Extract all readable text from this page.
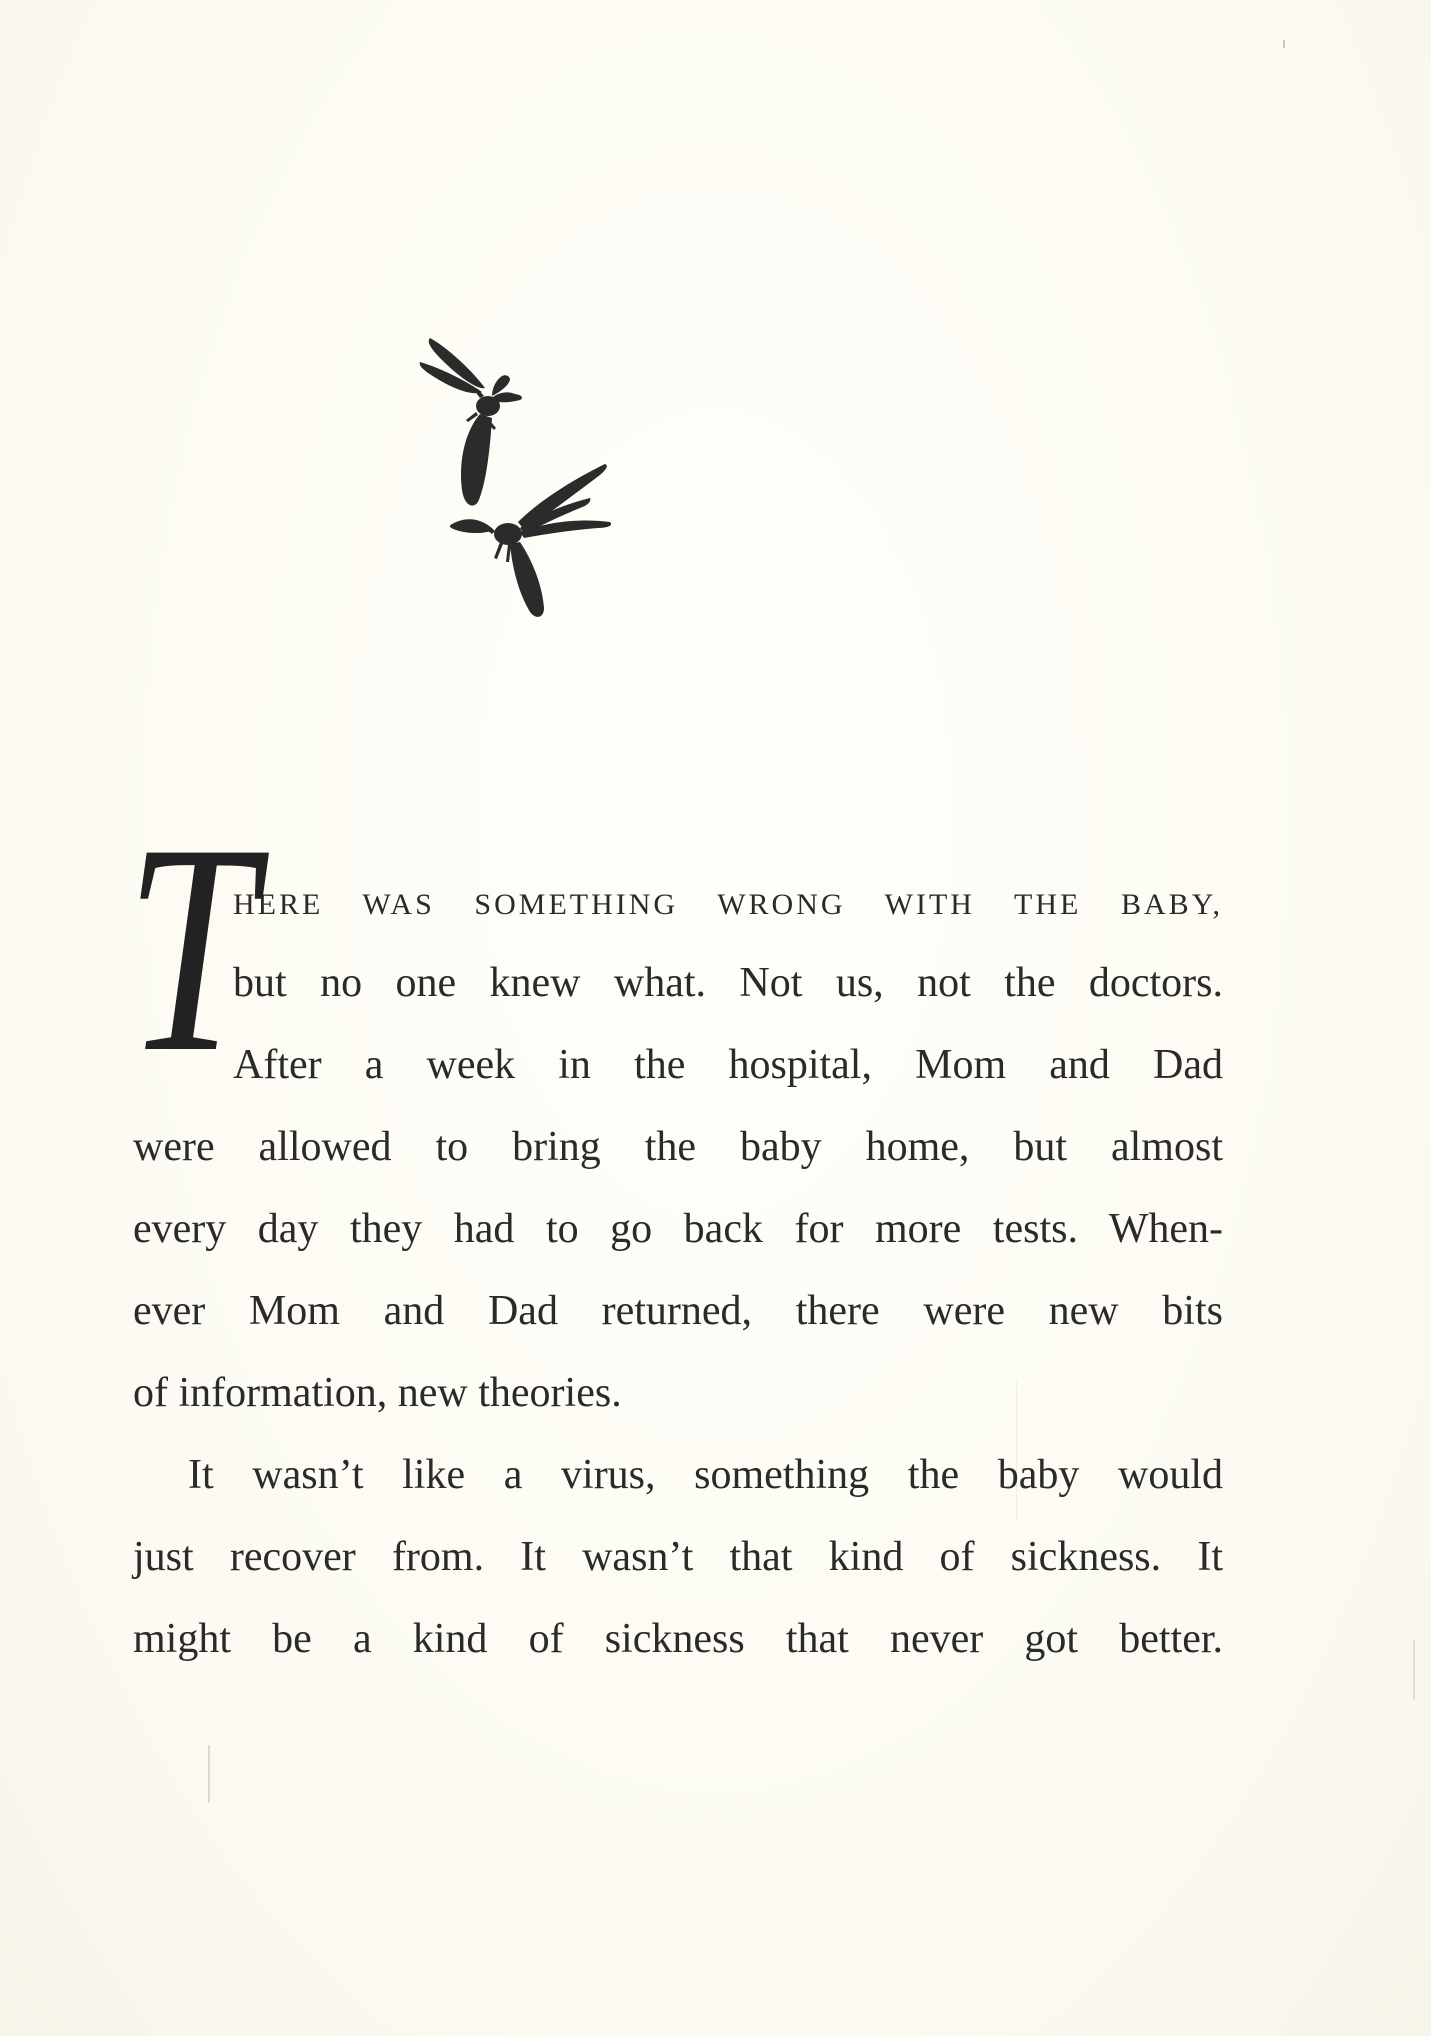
T
HERE WAS SOMETHING WRONG WITH THE BABY,
but no one knew what. Not us, not the doctors.
After a week in the hospital, Mom and Dad
were allowed to bring the baby home, but almost
every day they had to go back for more tests. When-
ever Mom and Dad returned, there were new bits
of information, new theories.
It wasn’t like a virus, something the baby would
just recover from. It wasn’t that kind of sickness. It
might be a kind of sickness that never got better.
